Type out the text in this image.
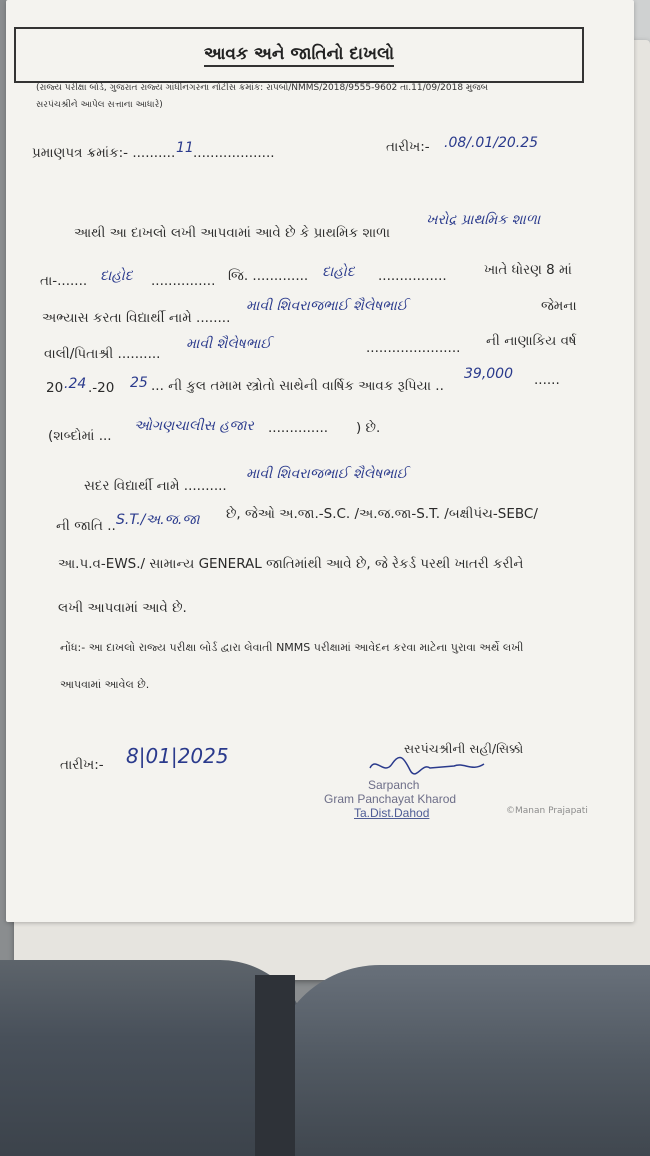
આવક અને જાતિનો દાખલો
(રાજ્ય પરીક્ષા બોર્ડ, ગુજરાત રાજ્ય ગાંધીનગરના નોટીસ ક્રમાંક: રાપબો/NMMS/2018/9555-9602 તા.11/09/2018 મુજબ
સરપંચશ્રીને આપેલ સત્તાના આધારે)
પ્રમાણપત્ર ક્રમાંક:- .......... 11 ...................	તારીખ:- .08/.01/20.25
આથી આ દાખલો લખી આપવામાં આવે છે કે પ્રાથમિક શાળા
ખરોદ્ર પ્રાથમિક શાળા
તા-....... દાહોદ ............... જિ. ............. દાહોદ ................	ખાતે ધોરણ 8 માં
અભ્યાસ કરતા વિદ્યાર્થી નામે ........
માવી શિવરાજભાઈ શૈલેષભાઈ	જેમના
વાલી/પિતાશ્રી ..........
માવી શૈલેષભાઈ	...................... ની નાણાકિય વર્ષ
20 .24 .-20 25 ... ની કુલ તમામ સ્ત્રોતો સાથેની વાર્ષિક આવક રૂપિયા ..
39,000 ......
(શબ્દોમાં ...
ઓગણચાલીસ હજાર .............. ) છે.
સદર વિદ્યાર્થી નામે ..........
માવી શિવરાજભાઈ શૈલેષભાઈ
ની જાતિ .. S.T./અ.જ.જા છે, જેઓ અ.જા.-S.C. /અ.જ.જા-S.T. /બક્ષીપંચ-SEBC/
આ.પ.વ-EWS./ સામાન્ય GENERAL જાતિમાંથી આવે છે, જે રેકર્ડ પરથી ખાતરી કરીને
લખી આપવામાં આવે છે.
નોંધ:- આ દાખલો રાજ્ય પરીક્ષા બોર્ડ દ્વારા લેવાતી NMMS પરીક્ષામાં આવેદન કરવા માટેના પુરાવા અર્થે લખી
આપવામાં આવેલ છે.
તારીખ:- 8|01|2025	સરપંચશ્રીની સહી/સિક્કો
Sarpanch
Gram Panchayat Kharod
Ta.Dist.Dahod	©Manan Prajapati
